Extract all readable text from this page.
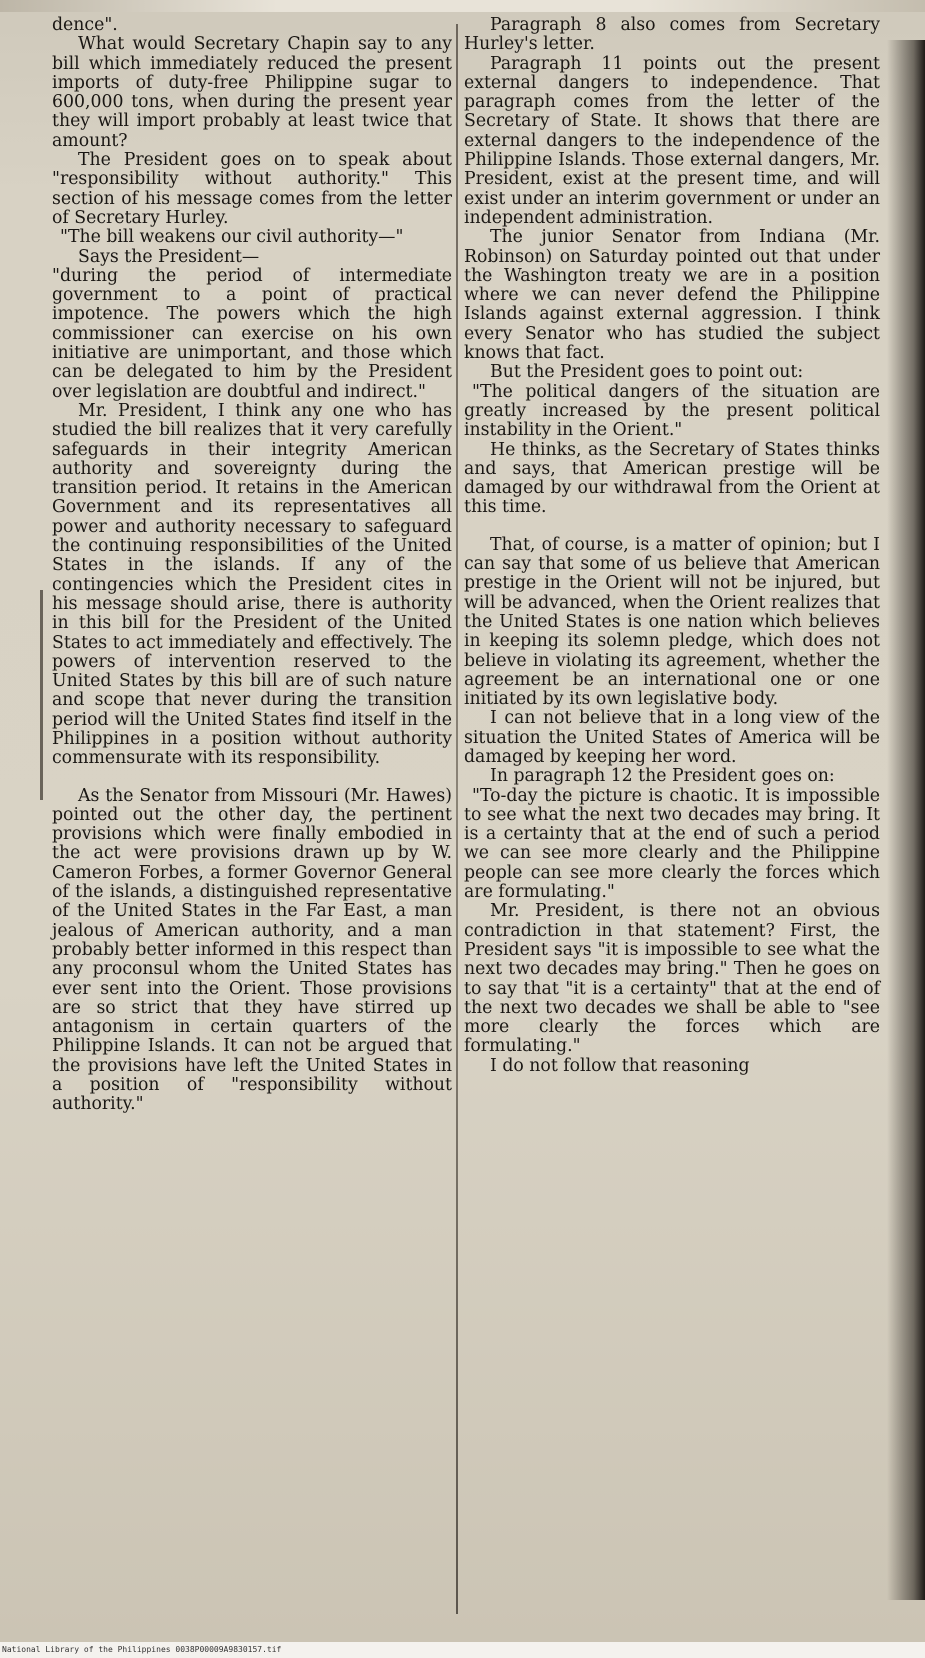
dence".

What would Secretary Chapin say to any bill which immediately reduced the present imports of duty-free Philippine sugar to 600,000 tons, when during the present year they will import probably at least twice that amount?

The President goes on to speak about "responsibility without authority." This section of his message comes from the letter of Secretary Hurley.

"The bill weakens our civil authority—"

Says the President—

"during the period of intermediate government to a point of practical impotence. The powers which the high commissioner can exercise on his own initiative are unimportant, and those which can be delegated to him by the President over legislation are doubtful and indirect."

Mr. President, I think any one who has studied the bill realizes that it very carefully safeguards in their integrity American authority and sovereignty during the transition period. It retains in the American Government and its representatives all power and authority necessary to safeguard the continuing responsibilities of the United States in the islands. If any of the contingencies which the President cites in his message should arise, there is authority in this bill for the President of the United States to act immediately and effectively. The powers of intervention reserved to the United States by this bill are of such nature and scope that never during the transition period will the United States find itself in the Philippines in a position without authority commensurate with its responsibility.

As the Senator from Missouri (Mr. Hawes) pointed out the other day, the pertinent provisions which were finally embodied in the act were provisions drawn up by W. Cameron Forbes, a former Governor General of the islands, a distinguished representative of the United States in the Far East, a man jealous of American authority, and a man probably better informed in this respect than any proconsul whom the United States has ever sent into the Orient. Those provisions are so strict that they have stirred up antagonism in certain quarters of the Philippine Islands. It can not be argued that the provisions have left the United States in a position of "responsibility without authority."

Paragraph 8 also comes from Secretary Hurley's letter.

Paragraph 11 points out the present external dangers to independence. That paragraph comes from the letter of the Secretary of State. It shows that there are external dangers to the independence of the Philippine Islands. Those external dangers, Mr. President, exist at the present time, and will exist under an interim government or under an independent administration.

The junior Senator from Indiana (Mr. Robinson) on Saturday pointed out that under the Washington treaty we are in a position where we can never defend the Philippine Islands against external aggression. I think every Senator who has studied the subject knows that fact.

But the President goes to point out:

"The political dangers of the situation are greatly increased by the present political instability in the Orient."

He thinks, as the Secretary of States thinks and says, that American prestige will be damaged by our withdrawal from the Orient at this time.

That, of course, is a matter of opinion; but I can say that some of us believe that American prestige in the Orient will not be injured, but will be advanced, when the Orient realizes that the United States is one nation which believes in keeping its solemn pledge, which does not believe in violating its agreement, whether the agreement be an international one or one initiated by its own legislative body.

I can not believe that in a long view of the situation the United States of America will be damaged by keeping her word.

In paragraph 12 the President goes on:

"To-day the picture is chaotic. It is impossible to see what the next two decades may bring. It is a certainty that at the end of such a period we can see more clearly and the Philippine people can see more clearly the forces which are formulating."

Mr. President, is there not an obvious contradiction in that statement? First, the President says "it is impossible to see what the next two decades may bring." Then he goes on to say that "it is a certainty" that at the end of the next two decades we shall be able to "see more clearly the forces which are formulating."

I do not follow that reasoning

National Library of the Philippines 0038P00009A9830157.tif
